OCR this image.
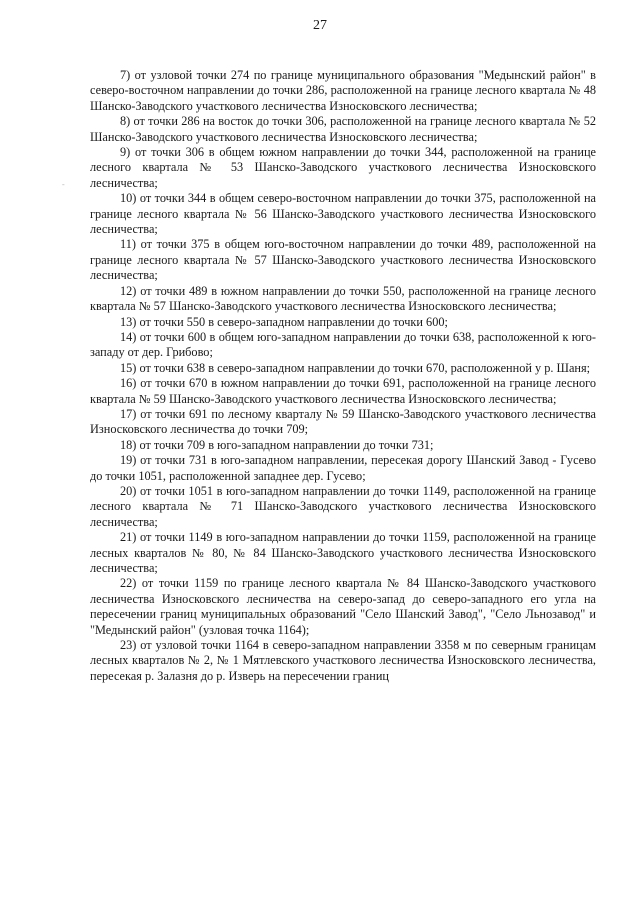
27
-

7) от узловой точки 274 по границе муниципального образования "Медынский район" в северо-восточном направлении до точки 286, расположенной на границе лесного квартала № 48 Шанско-Заводского участкового лесничества Износковского лесничества;

8) от точки 286 на восток до точки 306, расположенной на границе лесного квартала № 52 Шанско-Заводского участкового лесничества Износковского лесничества;

9) от точки 306 в общем южном направлении до точки 344, расположенной на границе лесного квартала № 53 Шанско-Заводского участкового лесничества Износковского лесничества;

10) от точки 344 в общем северо-восточном направлении до точки 375, расположенной на границе лесного квартала № 56 Шанско-Заводского участкового лесничества Износковского лесничества;

11) от точки 375 в общем юго-восточном направлении до точки 489, расположенной на границе лесного квартала № 57 Шанско-Заводского участкового лесничества Износковского лесничества;

12) от точки 489 в южном направлении до точки 550, расположенной на границе лесного квартала № 57 Шанско-Заводского участкового лесничества Износковского лесничества;

13) от точки 550 в северо-западном направлении до точки 600;

14) от точки 600 в общем юго-западном направлении до точки 638, расположенной к юго-западу от дер. Грибово;

15) от точки 638 в северо-западном направлении до точки 670, расположенной у р. Шаня;

16) от точки 670 в южном направлении до точки 691, расположенной на границе лесного квартала № 59 Шанско-Заводского участкового лесничества Износковского лесничества;

17) от точки 691 по лесному кварталу № 59 Шанско-Заводского участкового лесничества Износковского лесничества до точки 709;

18) от точки 709 в юго-западном направлении до точки 731;

19) от точки 731 в юго-западном направлении, пересекая дорогу Шанский Завод - Гусево до точки 1051, расположенной западнее дер. Гусево;

20) от точки 1051 в юго-западном направлении до точки 1149, расположенной на границе лесного квартала № 71 Шанско-Заводского участкового лесничества Износковского лесничества;

21) от точки 1149 в юго-западном направлении до точки 1159, расположенной на границе лесных кварталов № 80, № 84 Шанско-Заводского участкового лесничества Износковского лесничества;

22) от точки 1159 по границе лесного квартала № 84 Шанско-Заводского участкового лесничества Износковского лесничества на северо-запад до северо-западного его угла на пересечении границ муниципальных образований "Село Шанский Завод", "Село Льнозавод" и "Медынский район" (узловая точка 1164);

23) от узловой точки 1164 в северо-западном направлении 3358 м по северным границам лесных кварталов № 2, № 1 Мятлевского участкового лесничества Износковского лесничества, пересекая р. Залазня до р. Изверь на пересечении границ
